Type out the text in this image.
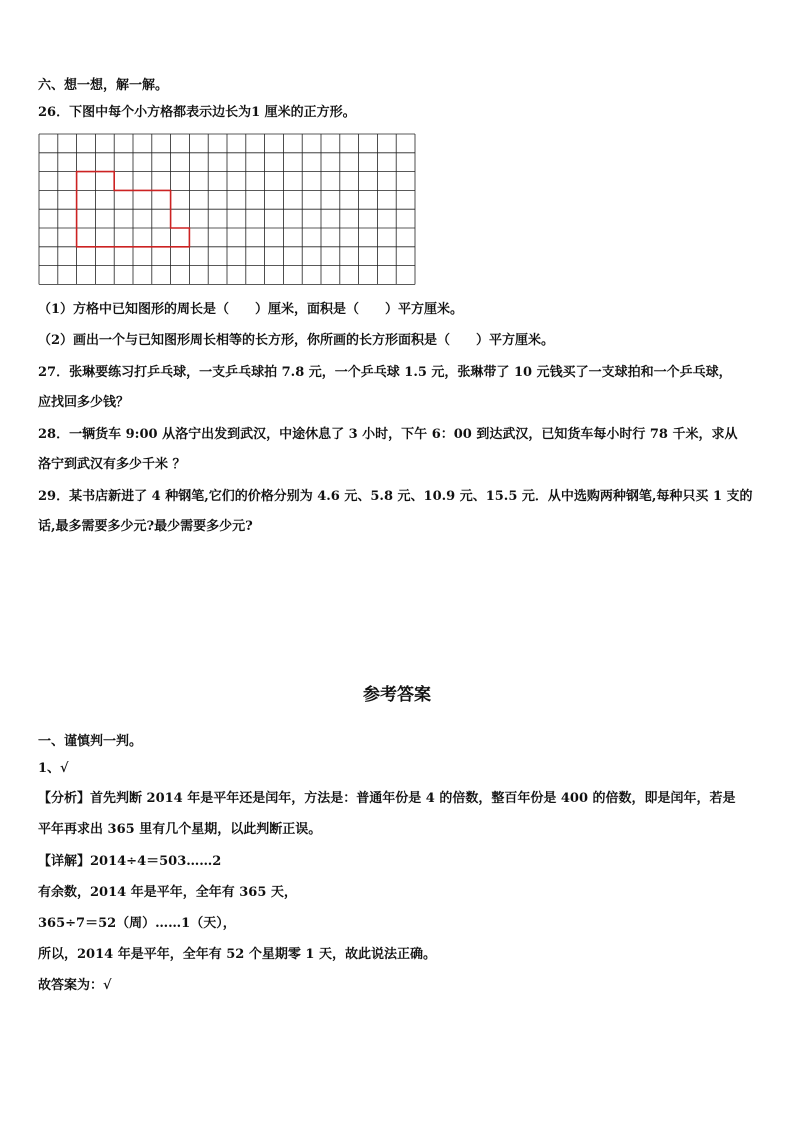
六、想一想，解一解。
26．下图中每个小方格都表示边长为1 厘米的正方形。
（1）方格中已知图形的周长是（　　）厘米，面积是（　　）平方厘米。
（2）画出一个与已知图形周长相等的长方形，你所画的长方形面积是（　　）平方厘米。
27．张琳要练习打乒乓球，一支乒乓球拍 7.8 元，一个乒乓球 1.5 元，张琳带了 10 元钱买了一支球拍和一个乒乓球，
应找回多少钱？
28．一辆货车 9:00 从洛宁出发到武汉，中途休息了 3 小时，下午 6：00 到达武汉，已知货车每小时行 78 千米，求从
洛宁到武汉有多少千米 ？
29．某书店新进了 4 种钢笔,它们的价格分别为 4.6 元、5.8 元、10.9 元、15.5 元．从中选购两种钢笔,每种只买 1 支的
话,最多需要多少元?最少需要多少元?
参考答案
一、谨慎判一判。
1、√
【分析】首先判断 2014 年是平年还是闰年，方法是：普通年份是 4 的倍数，整百年份是 400 的倍数，即是闰年，若是
平年再求出 365 里有几个星期，以此判断正误。
【详解】2014÷4＝503……2
有余数，2014 年是平年，全年有 365 天，
365÷7＝52（周）……1（天），
所以，2014 年是平年，全年有 52 个星期零 1 天，故此说法正确。
故答案为：√
